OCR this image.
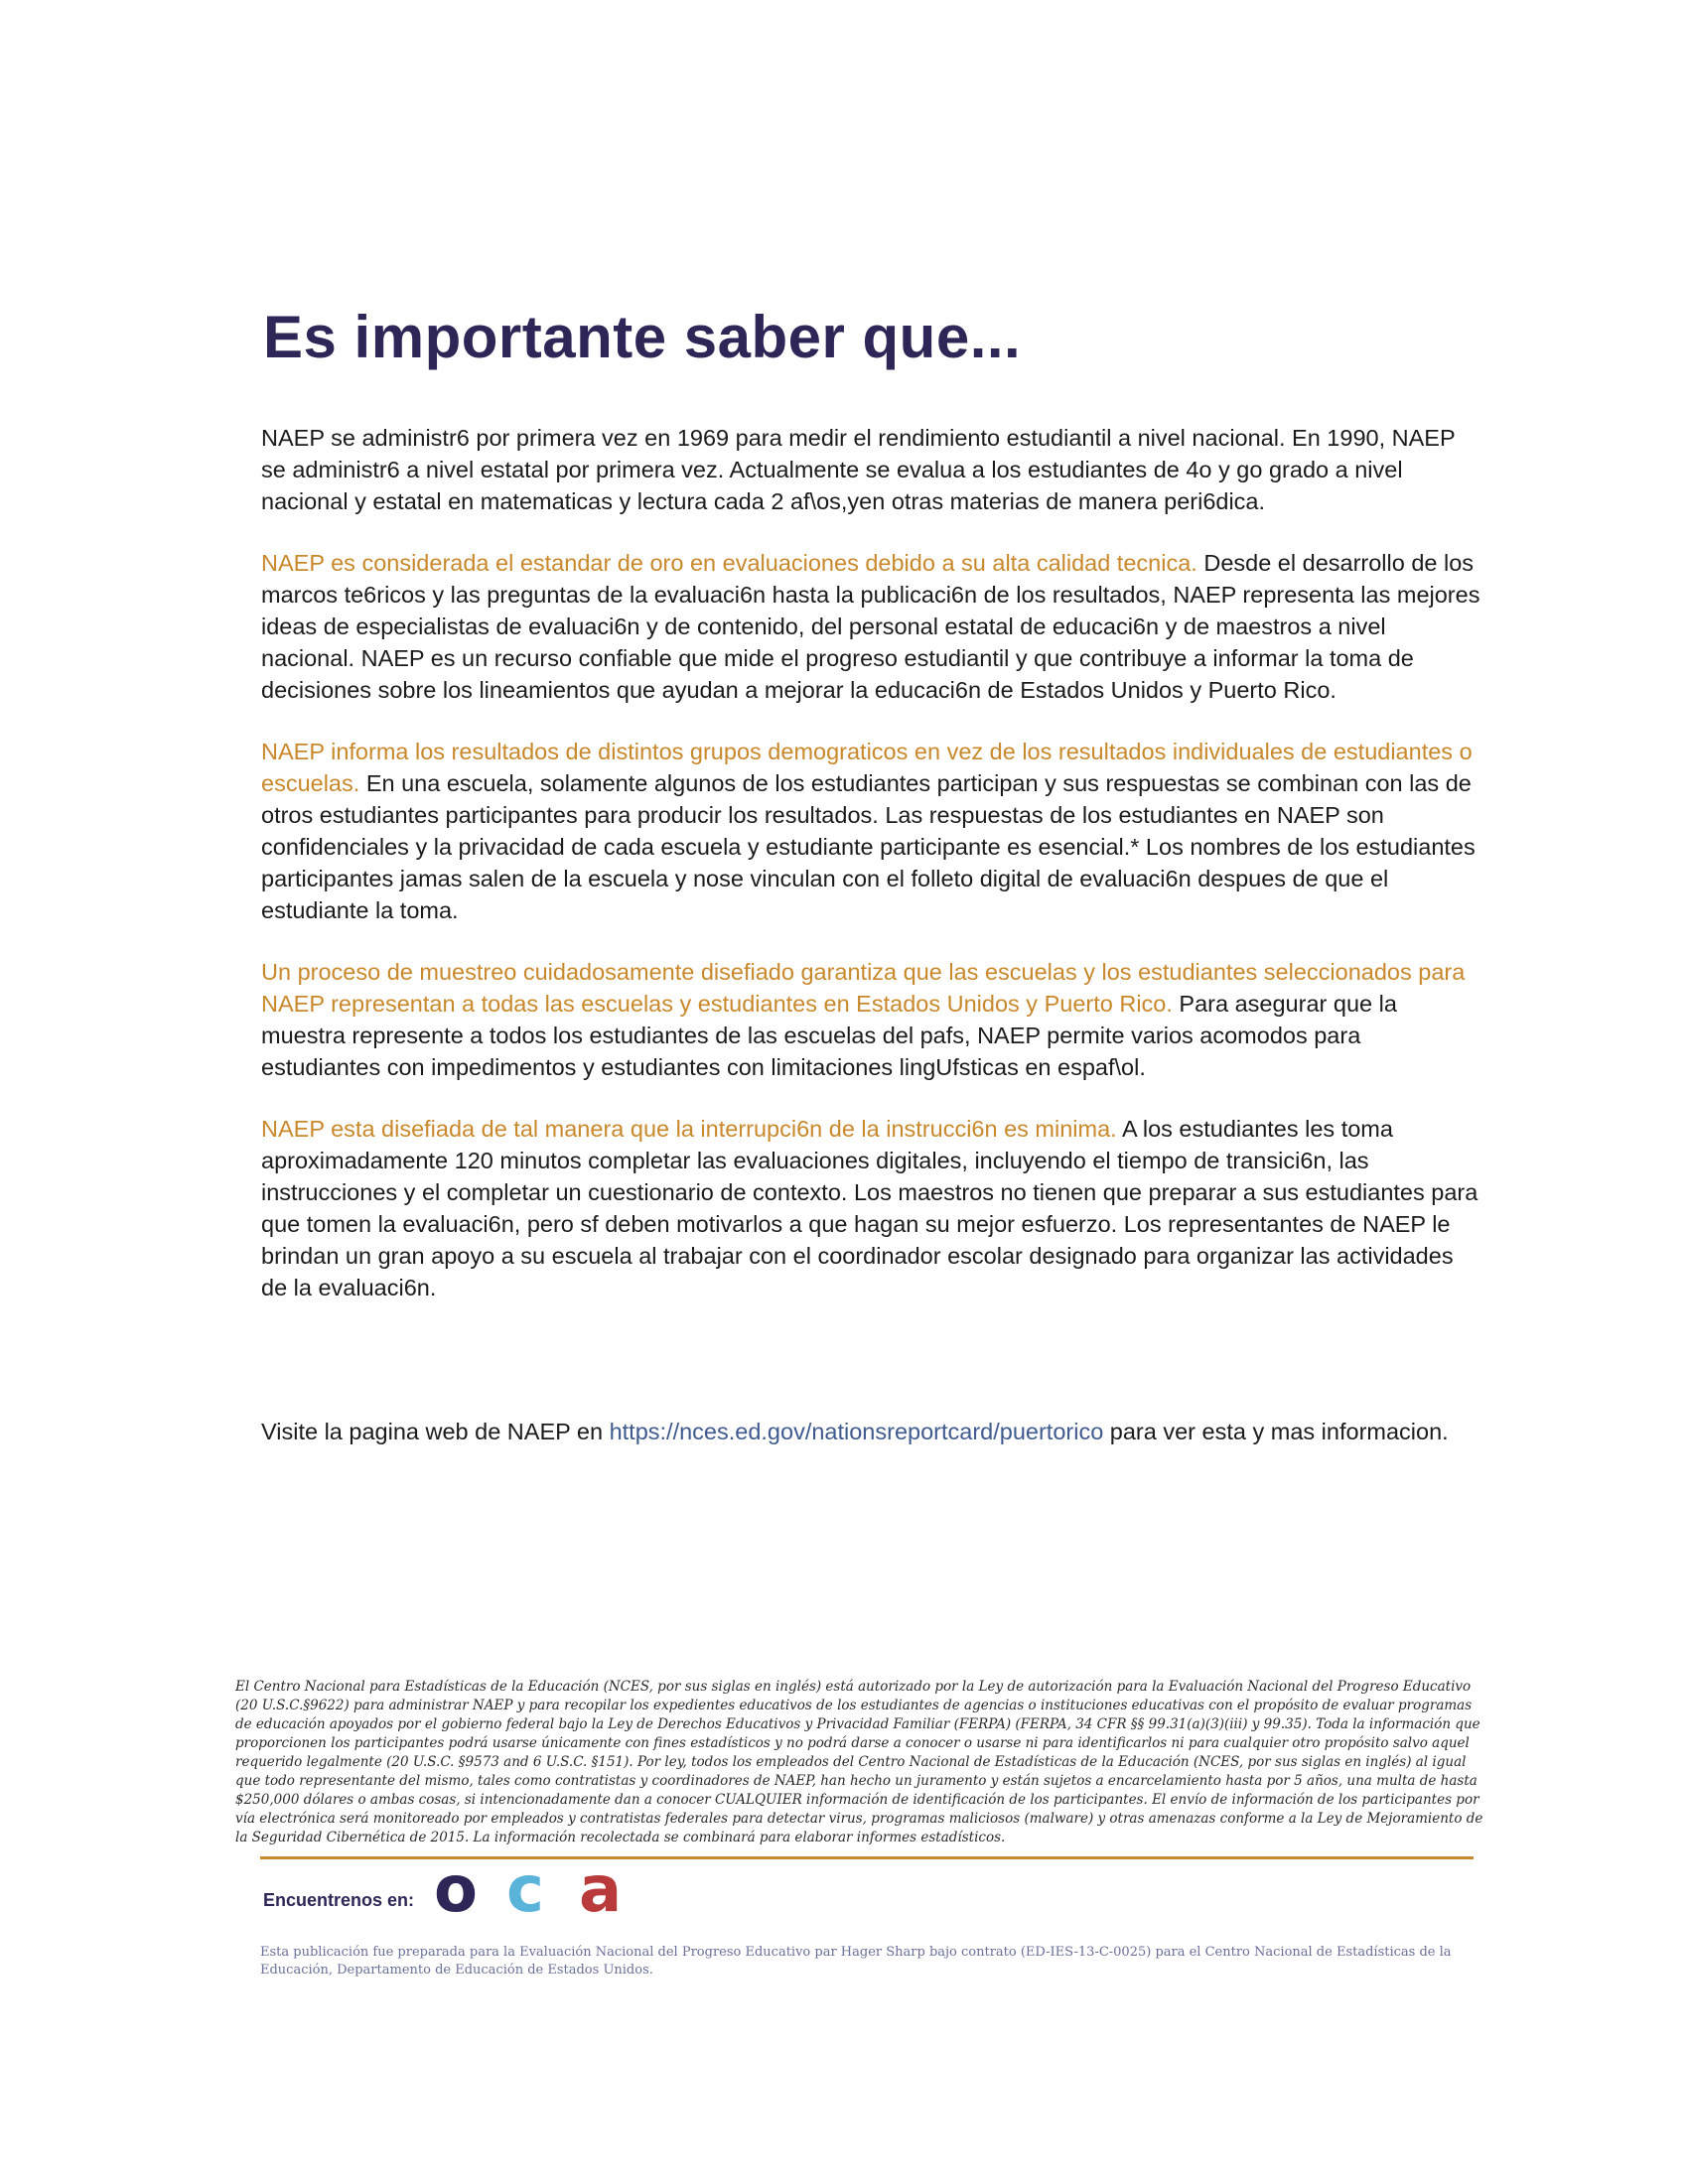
Es importante saber que...

NAEP se administr6 por primera vez en 1969 para medir el rendimiento estudiantil a nivel nacional. En 1990, NAEP se administr6 a nivel estatal por primera vez. Actualmente se evalua a los estudiantes de 4o y go grado a nivel nacional y estatal en matematicas y lectura cada 2 af\os,yen otras materias de manera peri6dica.

NAEP es considerada el estandar de oro en evaluaciones debido a su alta calidad tecnica. Desde el desarrollo de los marcos te6ricos y las preguntas de la evaluaci6n hasta la publicaci6n de los resultados, NAEP representa las mejores ideas de especialistas de evaluaci6n y de contenido, del personal estatal de educaci6n y de maestros a nivel nacional. NAEP es un recurso confiable que mide el progreso estudiantil y que contribuye a informar la toma de decisiones sobre los lineamientos que ayudan a mejorar la educaci6n de Estados Unidos y Puerto Rico.

NAEP informa los resultados de distintos grupos demograticos en vez de los resultados individuales de estudiantes o escuelas. En una escuela, solamente algunos de los estudiantes participan y sus respuestas se combinan con las de otros estudiantes participantes para producir los resultados. Las respuestas de los estudiantes en NAEP son confidenciales y la privacidad de cada escuela y estudiante participante es esencial.* Los nombres de los estudiantes participantes jamas salen de la escuela y nose vinculan con el folleto digital de evaluaci6n despues de que el estudiante la toma.

Un proceso de muestreo cuidadosamente disefiado garantiza que las escuelas y los estudiantes seleccionados para NAEP representan a todas las escuelas y estudiantes en Estados Unidos y Puerto Rico. Para asegurar que la muestra represente a todos los estudiantes de las escuelas del pafs, NAEP permite varios acomodos para estudiantes con impedimentos y estudiantes con limitaciones lingUfsticas en espaf\ol.

NAEP esta disefiada de tal manera que la interrupci6n de la instrucci6n es minima. A los estudiantes les toma aproximadamente 120 minutos completar las evaluaciones digitales, incluyendo el tiempo de transici6n, las instrucciones y el completar un cuestionario de contexto. Los maestros no tienen que preparar a sus estudiantes para que tomen la evaluaci6n, pero sf deben motivarlos a que hagan su mejor esfuerzo. Los representantes de NAEP le brindan un gran apoyo a su escuela al trabajar con el coordinador escolar designado para organizar las actividades de la evaluaci6n.

Visite la pagina web de NAEP en https://nces.ed.gov/nationsreportcard/puertorico para ver esta y mas informacion.

El Centro Nacional para Estadísticas de la Educación (NCES, por sus siglas en inglés) está autorizado por la Ley de autorización para la Evaluación Nacional del Progreso Educativo (20 U.S.C.§9622) para administrar NAEP y para recopilar los expedientes educativos de los estudiantes de agencias o instituciones educativas con el propósito de evaluar programas de educación apoyados por el gobierno federal bajo la Ley de Derechos Educativos y Privacidad Familiar (FERPA) (FERPA, 34 CFR §§ 99.31(a)(3)(iii) y 99.35). Toda la información que proporcionen los participantes podrá usarse únicamente con fines estadísticos y no podrá darse a conocer o usarse ni para identificarlos ni para cualquier otro propósito salvo aquel requerido legalmente (20 U.S.C. §9573 and 6 U.S.C. §151). Por ley, todos los empleados del Centro Nacional de Estadísticas de la Educación (NCES, por sus siglas en inglés) al igual que todo representante del mismo, tales como contratistas y coordinadores de NAEP, han hecho un juramento y están sujetos a encarcelamiento hasta por 5 años, una multa de hasta $250,000 dólares o ambas cosas, si intencionadamente dan a conocer CUALQUIER información de identificación de los participantes. El envío de información de los participantes por vía electrónica será monitoreado por empleados y contratistas federales para detectar virus, programas maliciosos (malware) y otras amenazas conforme a la Ley de Mejoramiento de la Seguridad Cibernética de 2015. La información recolectada se combinará para elaborar informes estadísticos.

Encuentrenos en: o c a

Esta publicación fue preparada para la Evaluación Nacional del Progreso Educativo par Hager Sharp bajo contrato (ED-IES-13-C-0025) para el Centro Nacional de Estadísticas de la Educación, Departamento de Educación de Estados Unidos.
